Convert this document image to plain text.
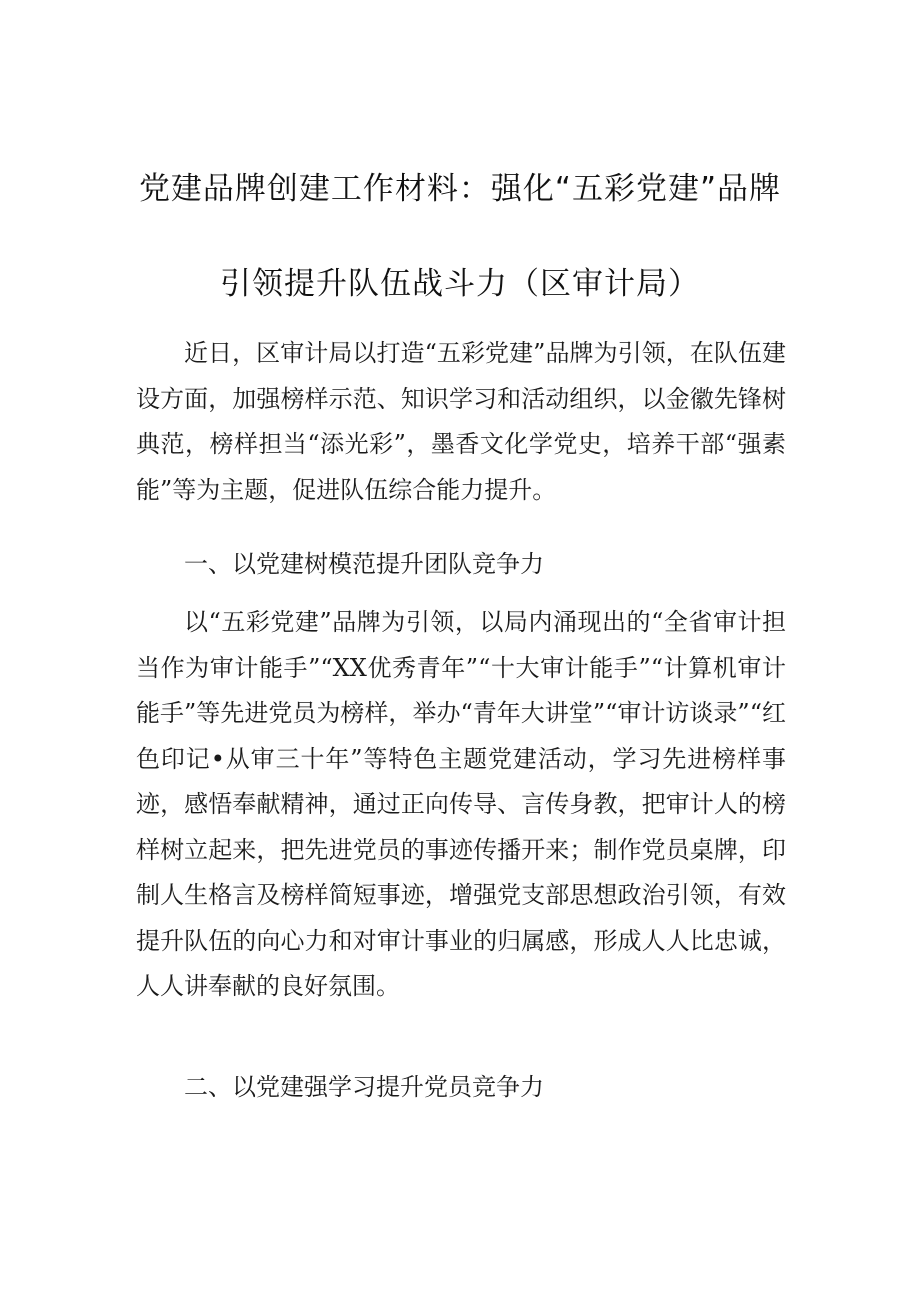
党建品牌创建工作材料：强化“五彩党建”品牌
引领提升队伍战斗力（区审计局）

近日，区审计局以打造“五彩党建”品牌为引领，在队伍建设方面，加强榜样示范、知识学习和活动组织，以金徽先锋树典范，榜样担当“添光彩”，墨香文化学党史，培养干部“强素能”等为主题，促进队伍综合能力提升。

一、以党建树模范提升团队竞争力

以“五彩党建”品牌为引领，以局内涌现出的“全省审计担当作为审计能手”“XX优秀青年”“十大审计能手”“计算机审计能手”等先进党员为榜样，举办“青年大讲堂”“审计访谈录”“红色印记•从审三十年”等特色主题党建活动，学习先进榜样事迹，感悟奉献精神，通过正向传导、言传身教，把审计人的榜样树立起来，把先进党员的事迹传播开来；制作党员桌牌，印制人生格言及榜样简短事迹，增强党支部思想政治引领，有效提升队伍的向心力和对审计事业的归属感，形成人人比忠诚，人人讲奉献的良好氛围。

二、以党建强学习提升党员竞争力
